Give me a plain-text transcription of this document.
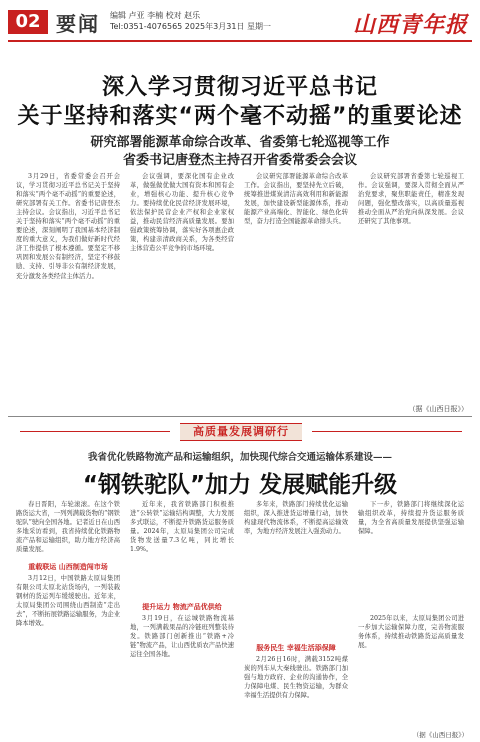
02 要闻 编辑 卢亚 李楠 校对 赵乐
Tel:0351-4076565 2025年3月31日 星期一	山西青年报
深入学习贯彻习近平总书记
关于坚持和落实“两个毫不动摇”的重要论述
研究部署能源革命综合改革、省委第七轮巡视等工作
省委书记唐登杰主持召开省委常委会会议

3月29日，省委常委会召开会议，学习贯彻习近平总书记关于坚持和落实“两个毫不动摇”的重要论述，研究部署有关工作。省委书记唐登杰主持会议。会议指出，习近平总书记关于坚持和落实“两个毫不动摇”的重要论述，深刻阐明了我国基本经济制度的重大意义，为我们做好新时代经济工作提供了根本遵循。要坚定不移巩固和发展公有制经济，坚定不移鼓励、支持、引导非公有制经济发展，充分激发各类经营主体活力。

会议强调，要深化国有企业改革，做强做优做大国有资本和国有企业，增强核心功能、提升核心竞争力。要持续优化民营经济发展环境，依法保护民营企业产权和企业家权益，推动民营经济高质量发展。要加强政策统筹协调，落实好各项惠企政策，构建亲清政商关系，为各类经营主体营造公平竞争的市场环境。

会议研究部署能源革命综合改革工作。会议指出，要坚持先立后破，统筹推进煤炭清洁高效利用和新能源发展，加快建设新型能源体系，推动能源产业高端化、智能化、绿色化转型，奋力打造全国能源革命排头兵。

会议研究部署省委第七轮巡视工作。会议强调，要深入贯彻全面从严治党要求，聚焦职能责任，精准发现问题，强化整改落实，以高质量巡视推动全面从严治党向纵深发展。会议还研究了其他事项。

（据《山西日报》）
高质量发展调研行
我省优化铁路物流产品和运输组织，加快现代综合交通运输体系建设——
“钢铁驼队”加力 发展赋能升级

春日晋阳，车轮滚滚。在这个铁路货运大省，一列列满载货物的“钢铁驼队”驶向全国各地。记者近日在山西多地采访看到，我省持续优化铁路物流产品和运输组织，助力地方经济高质量发展。

重载联运 山西制造闯市场

3月12日，中国铁路太原局集团有限公司太原北站货场内，一列装载钢材的货运列车缓缓驶出。近年来，太原局集团公司围绕山西制造“走出去”，不断拓展铁路运输服务，为企业降本增效。

近年来，我省铁路部门积极推进“公转铁”运输结构调整，大力发展多式联运，不断提升铁路货运服务质量。2024年，太原局集团公司完成货物发送量7.3亿吨，同比增长1.9%。

提升运力 物流产品优供给

3月19日，在运城铁路物流基地，一列满载果品的冷链班列整装待发。铁路部门创新推出“铁路+冷链”物流产品，让山西优质农产品快速运往全国各地。

多年来，铁路部门持续优化运输组织，深入推进货运增量行动，加快构建现代物流体系，不断提高运输效率，为地方经济发展注入强劲动力。

服务民生 幸福生活添保障

2月26日16时，满载3152吨煤炭的列车从大秦线驶出。铁路部门加强与地方政府、企业的沟通协作，全力保障电煤、民生物资运输，为群众幸福生活提供有力保障。

下一步，铁路部门将继续深化运输组织改革，持续提升货运服务质量，为全省高质量发展提供坚强运输保障。

2025年以来，太原局集团公司进一步加大运输保障力度，完善物流服务体系，持续推动铁路货运高质量发展。

（据《山西日报》）
